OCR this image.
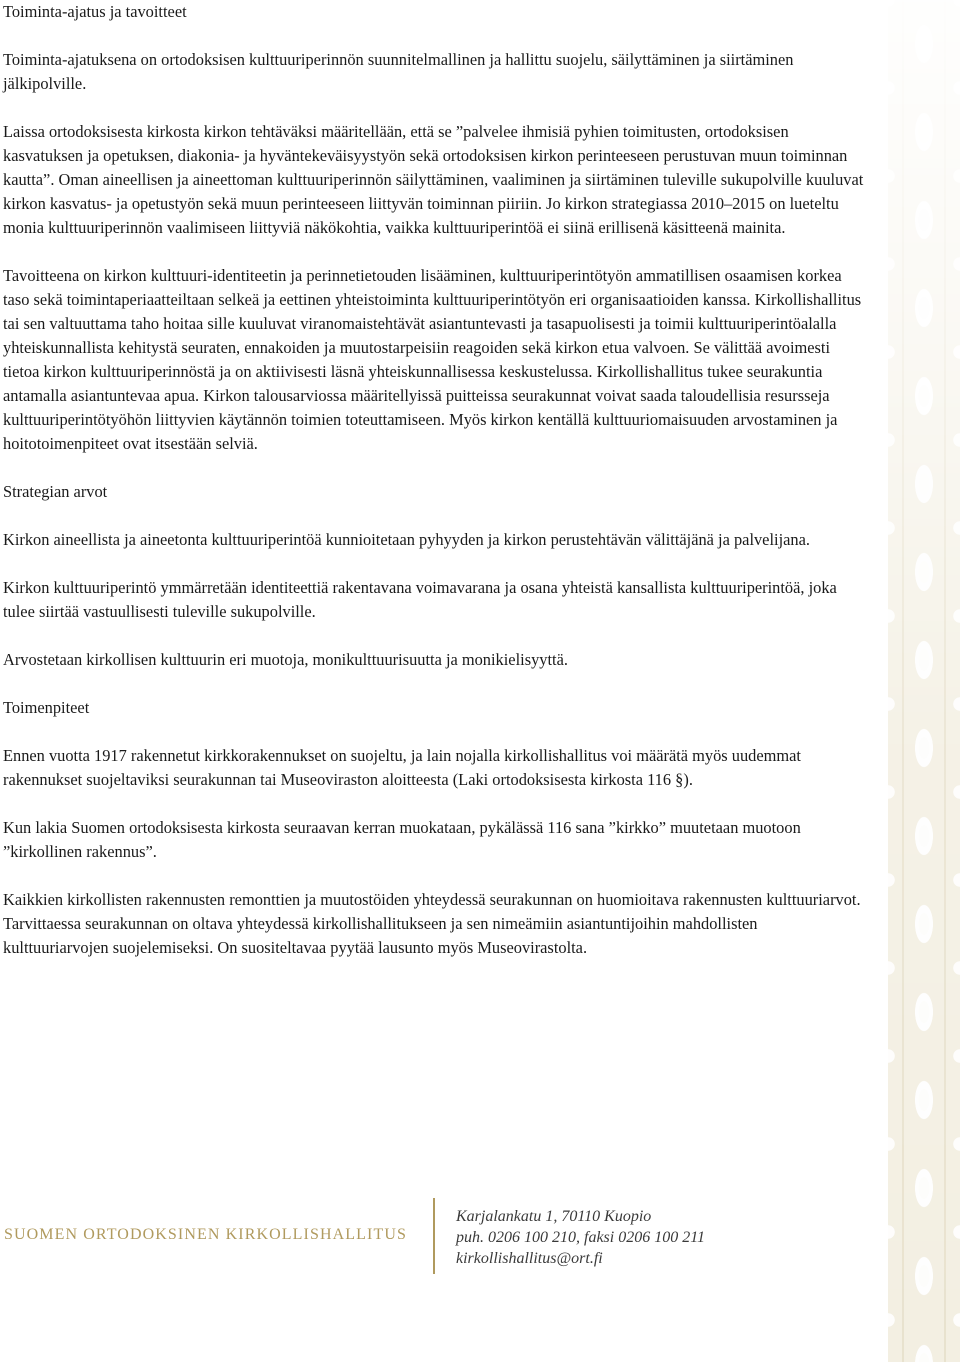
Toiminta-ajatus ja tavoitteet

Toiminta-ajatuksena on ortodoksisen kulttuuriperinnön suunnitelmallinen ja hallittu suojelu, säilyttäminen ja siirtäminen jälkipolville.

Laissa ortodoksisesta kirkosta kirkon tehtäväksi määritellään, että se ”palvelee ihmisiä pyhien toimitusten, ortodoksisen kasvatuksen ja opetuksen, diakonia- ja hyväntekeväisyystyön sekä ortodoksisen kirkon perinteeseen perustuvan muun toiminnan kautta”. Oman aineellisen ja aineettoman kulttuuriperinnön säilyttäminen, vaaliminen ja siirtäminen tuleville sukupolville kuuluvat kirkon kasvatus- ja opetustyön sekä muun perinteeseen liittyvän toiminnan piiriin. Jo kirkon strategiassa 2010–2015 on lueteltu monia kulttuuriperinnön vaalimiseen liittyviä näkökohtia, vaikka kulttuuriperintöä ei siinä erillisenä käsitteenä mainita.

Tavoitteena on kirkon kulttuuri-identiteetin ja perinnetietouden lisääminen, kulttuuriperintötyön ammatillisen osaamisen korkea taso sekä toimintaperiaatteiltaan selkeä ja eettinen yhteistoiminta kulttuuriperintötyön eri organisaatioiden kanssa. Kirkollishallitus tai sen valtuuttama taho hoitaa sille kuuluvat viranomaistehtävät asiantuntevasti ja tasapuolisesti ja toimii kulttuuriperintöalalla yhteiskunnallista kehitystä seuraten, ennakoiden ja muutostarpeisiin reagoiden sekä kirkon etua valvoen. Se välittää avoimesti tietoa kirkon kulttuuriperinnöstä ja on aktiivisesti läsnä yhteiskunnallisessa keskustelussa. Kirkollishallitus tukee seurakuntia antamalla asiantuntevaa apua. Kirkon talousarviossa määritellyissä puitteissa seurakunnat voivat saada taloudellisia resursseja kulttuuriperintötyöhön liittyvien käytännön toimien toteuttamiseen. Myös kirkon kentällä kulttuuriomaisuuden arvostaminen ja hoitotoimenpiteet ovat itsestään selviä.

Strategian arvot

Kirkon aineellista ja aineetonta kulttuuriperintöä kunnioitetaan pyhyyden ja kirkon perustehtävän välittäjänä ja palvelijana.

Kirkon kulttuuriperintö ymmärretään identiteettiä rakentavana voimavarana ja osana yhteistä kansallista kulttuuriperintöä, joka tulee siirtää vastuullisesti tuleville sukupolville.

Arvostetaan kirkollisen kulttuurin eri muotoja, monikulttuurisuutta ja monikielisyyttä.

Toimenpiteet

Ennen vuotta 1917 rakennetut kirkkorakennukset on suojeltu, ja lain nojalla kirkollishallitus voi määrätä myös uudemmat rakennukset suojeltaviksi seurakunnan tai Museoviraston aloitteesta (Laki ortodoksisesta kirkosta 116 §).

Kun lakia Suomen ortodoksisesta kirkosta seuraavan kerran muokataan, pykälässä 116 sana ”kirkko” muutetaan muotoon ”kirkollinen rakennus”.

Kaikkien kirkollisten rakennusten remonttien ja muutostöiden yhteydessä seurakunnan on huomioitava rakennusten kulttuuriarvot. Tarvittaessa seurakunnan on oltava yhteydessä kirkollishallitukseen ja sen nimeämiin asiantuntijoihin mahdollisten kulttuuriarvojen suojelemiseksi. On suositeltavaa pyytää lausunto myös Museovirastolta.

SUOMEN ORTODOKSINEN KIRKOLLISHALLITUS
Karjalankatu 1, 70110 Kuopio
puh. 0206 100 210, faksi 0206 100 211
kirkollishallitus@ort.fi
